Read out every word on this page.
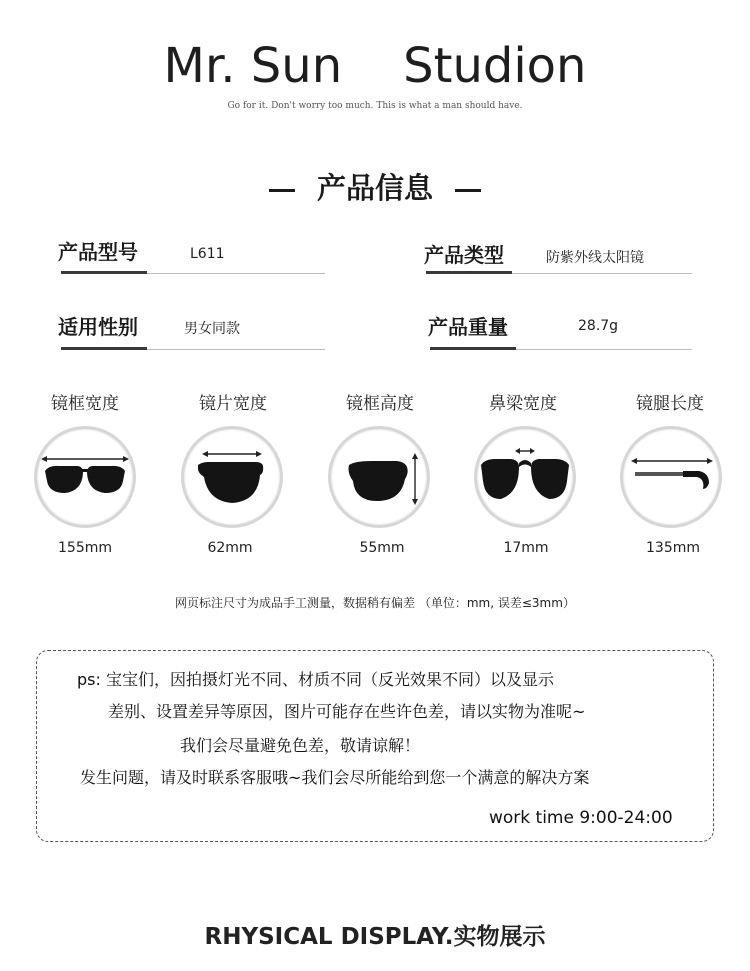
Mr. Sun    Studion
Go for it. Don't worry too much. This is what a man should have.
产品信息
产品型号	L611	产品类型	防紫外线太阳镜
适用性别	男女同款	产品重量	28.7g
镜框宽度	镜片宽度	镜框高度	鼻梁宽度	镜腿长度
155mm	62mm	55mm	17mm	135mm
网页标注尺寸为成品手工测量，数据稍有偏差 （单位：mm, 误差≤3mm）
ps: 宝宝们，因拍摄灯光不同、材质不同（反光效果不同）以及显示
差别、设置差异等原因，图片可能存在些许色差，请以实物为准呢~
我们会尽量避免色差，敬请谅解！
发生问题，请及时联系客服哦~我们会尽所能给到您一个满意的解决方案
work time 9:00-24:00
RHYSICAL DISPLAY.实物展示
